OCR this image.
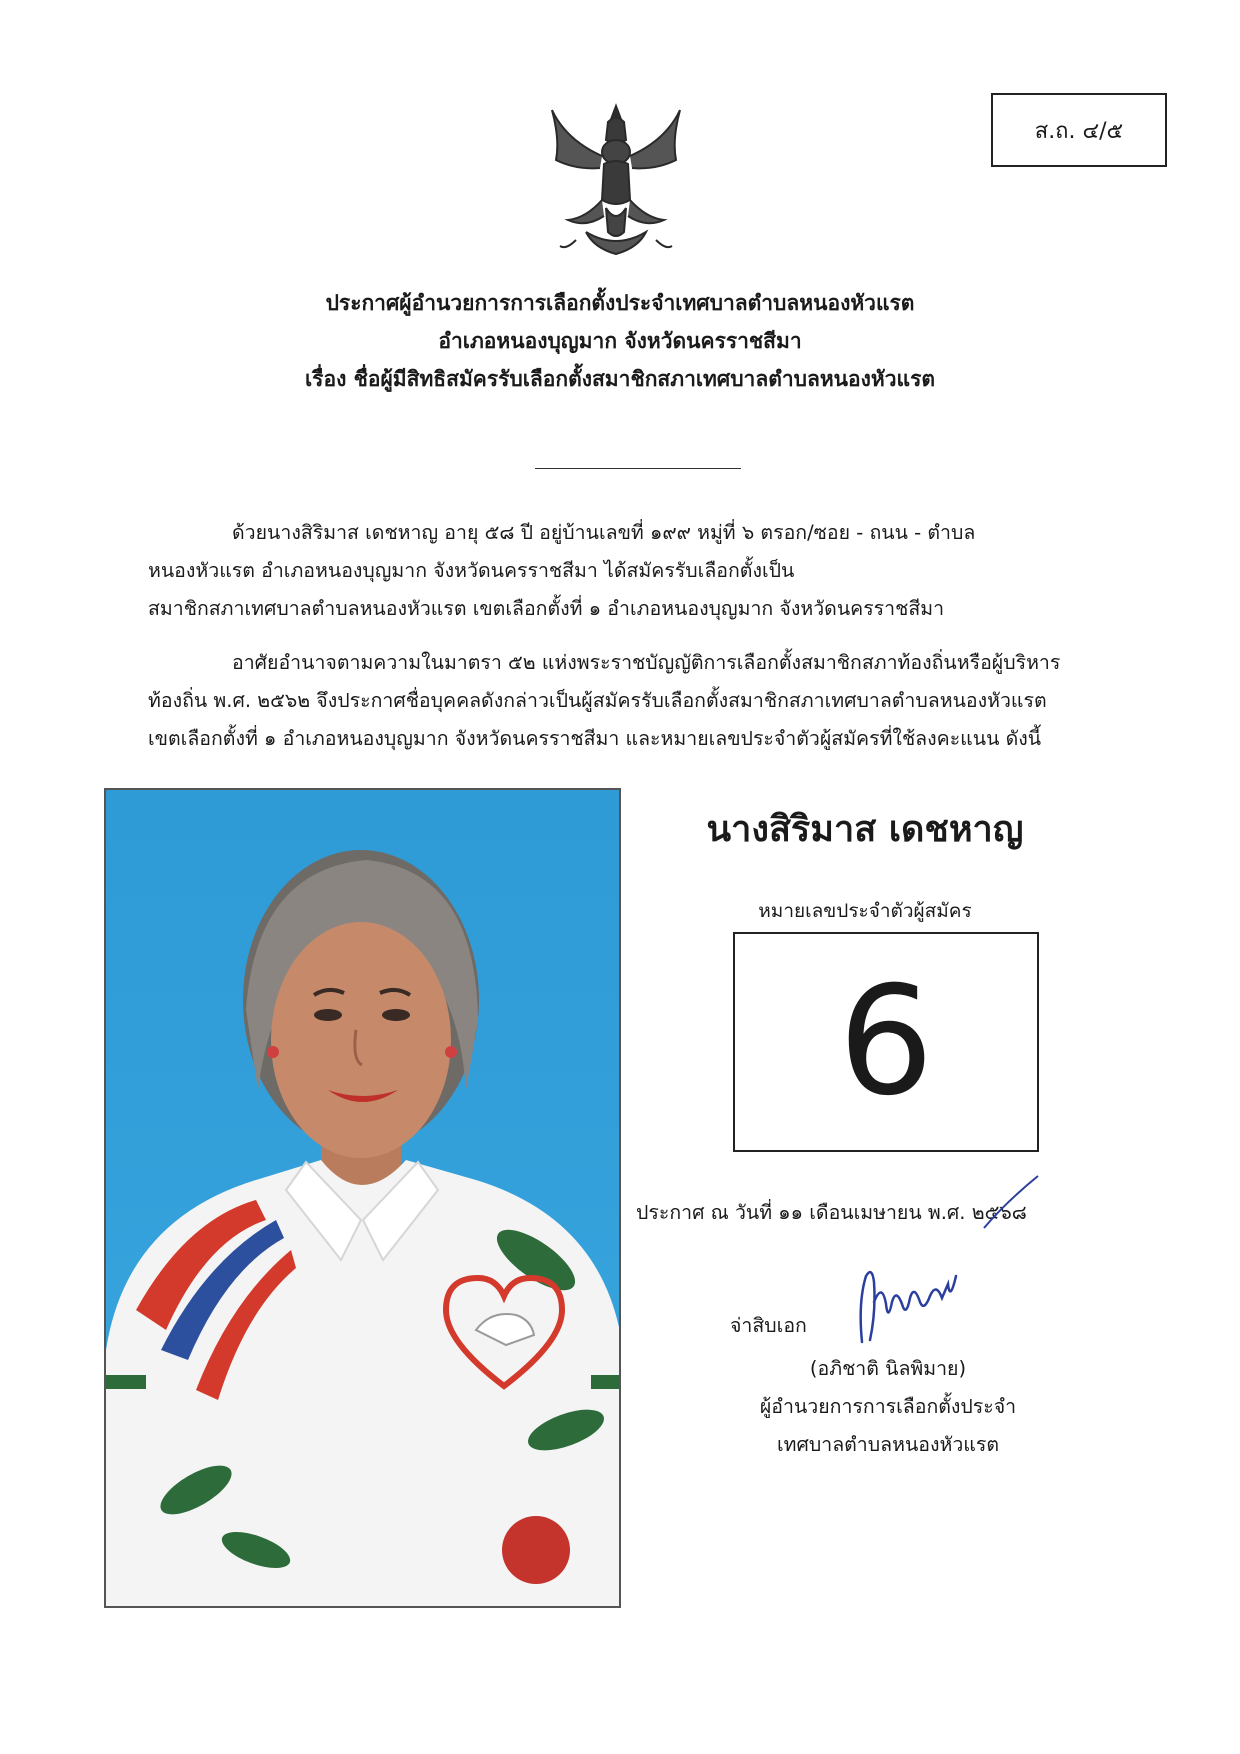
ส.ถ. ๔/๕
ประกาศผู้อำนวยการการเลือกตั้งประจำเทศบาลตำบลหนองหัวแรต
อำเภอหนองบุญมาก จังหวัดนครราชสีมา
เรื่อง ชื่อผู้มีสิทธิสมัครรับเลือกตั้งสมาชิกสภาเทศบาลตำบลหนองหัวแรต
ด้วยนางสิริมาส เดชหาญ อายุ ๕๘ ปี อยู่บ้านเลขที่ ๑๙๙ หมู่ที่ ๖ ตรอก/ซอย - ถนน - ตำบล
หนองหัวแรต อำเภอหนองบุญมาก จังหวัดนครราชสีมา ได้สมัครรับเลือกตั้งเป็น
สมาชิกสภาเทศบาลตำบลหนองหัวแรต เขตเลือกตั้งที่ ๑ อำเภอหนองบุญมาก จังหวัดนครราชสีมา
อาศัยอำนาจตามความในมาตรา ๕๒ แห่งพระราชบัญญัติการเลือกตั้งสมาชิกสภาท้องถิ่นหรือผู้บริหาร
ท้องถิ่น พ.ศ. ๒๕๖๒ จึงประกาศชื่อบุคคลดังกล่าวเป็นผู้สมัครรับเลือกตั้งสมาชิกสภาเทศบาลตำบลหนองหัวแรต
เขตเลือกตั้งที่ ๑ อำเภอหนองบุญมาก จังหวัดนครราชสีมา และหมายเลขประจำตัวผู้สมัครที่ใช้ลงคะแนน ดังนี้
นางสิริมาส เดชหาญ
หมายเลขประจำตัวผู้สมัคร
6
ประกาศ ณ วันที่ ๑๑ เดือนเมษายน พ.ศ. ๒๕๖๘
จ่าสิบเอก
(อภิชาติ นิลพิมาย)
ผู้อำนวยการการเลือกตั้งประจำ
เทศบาลตำบลหนองหัวแรต
